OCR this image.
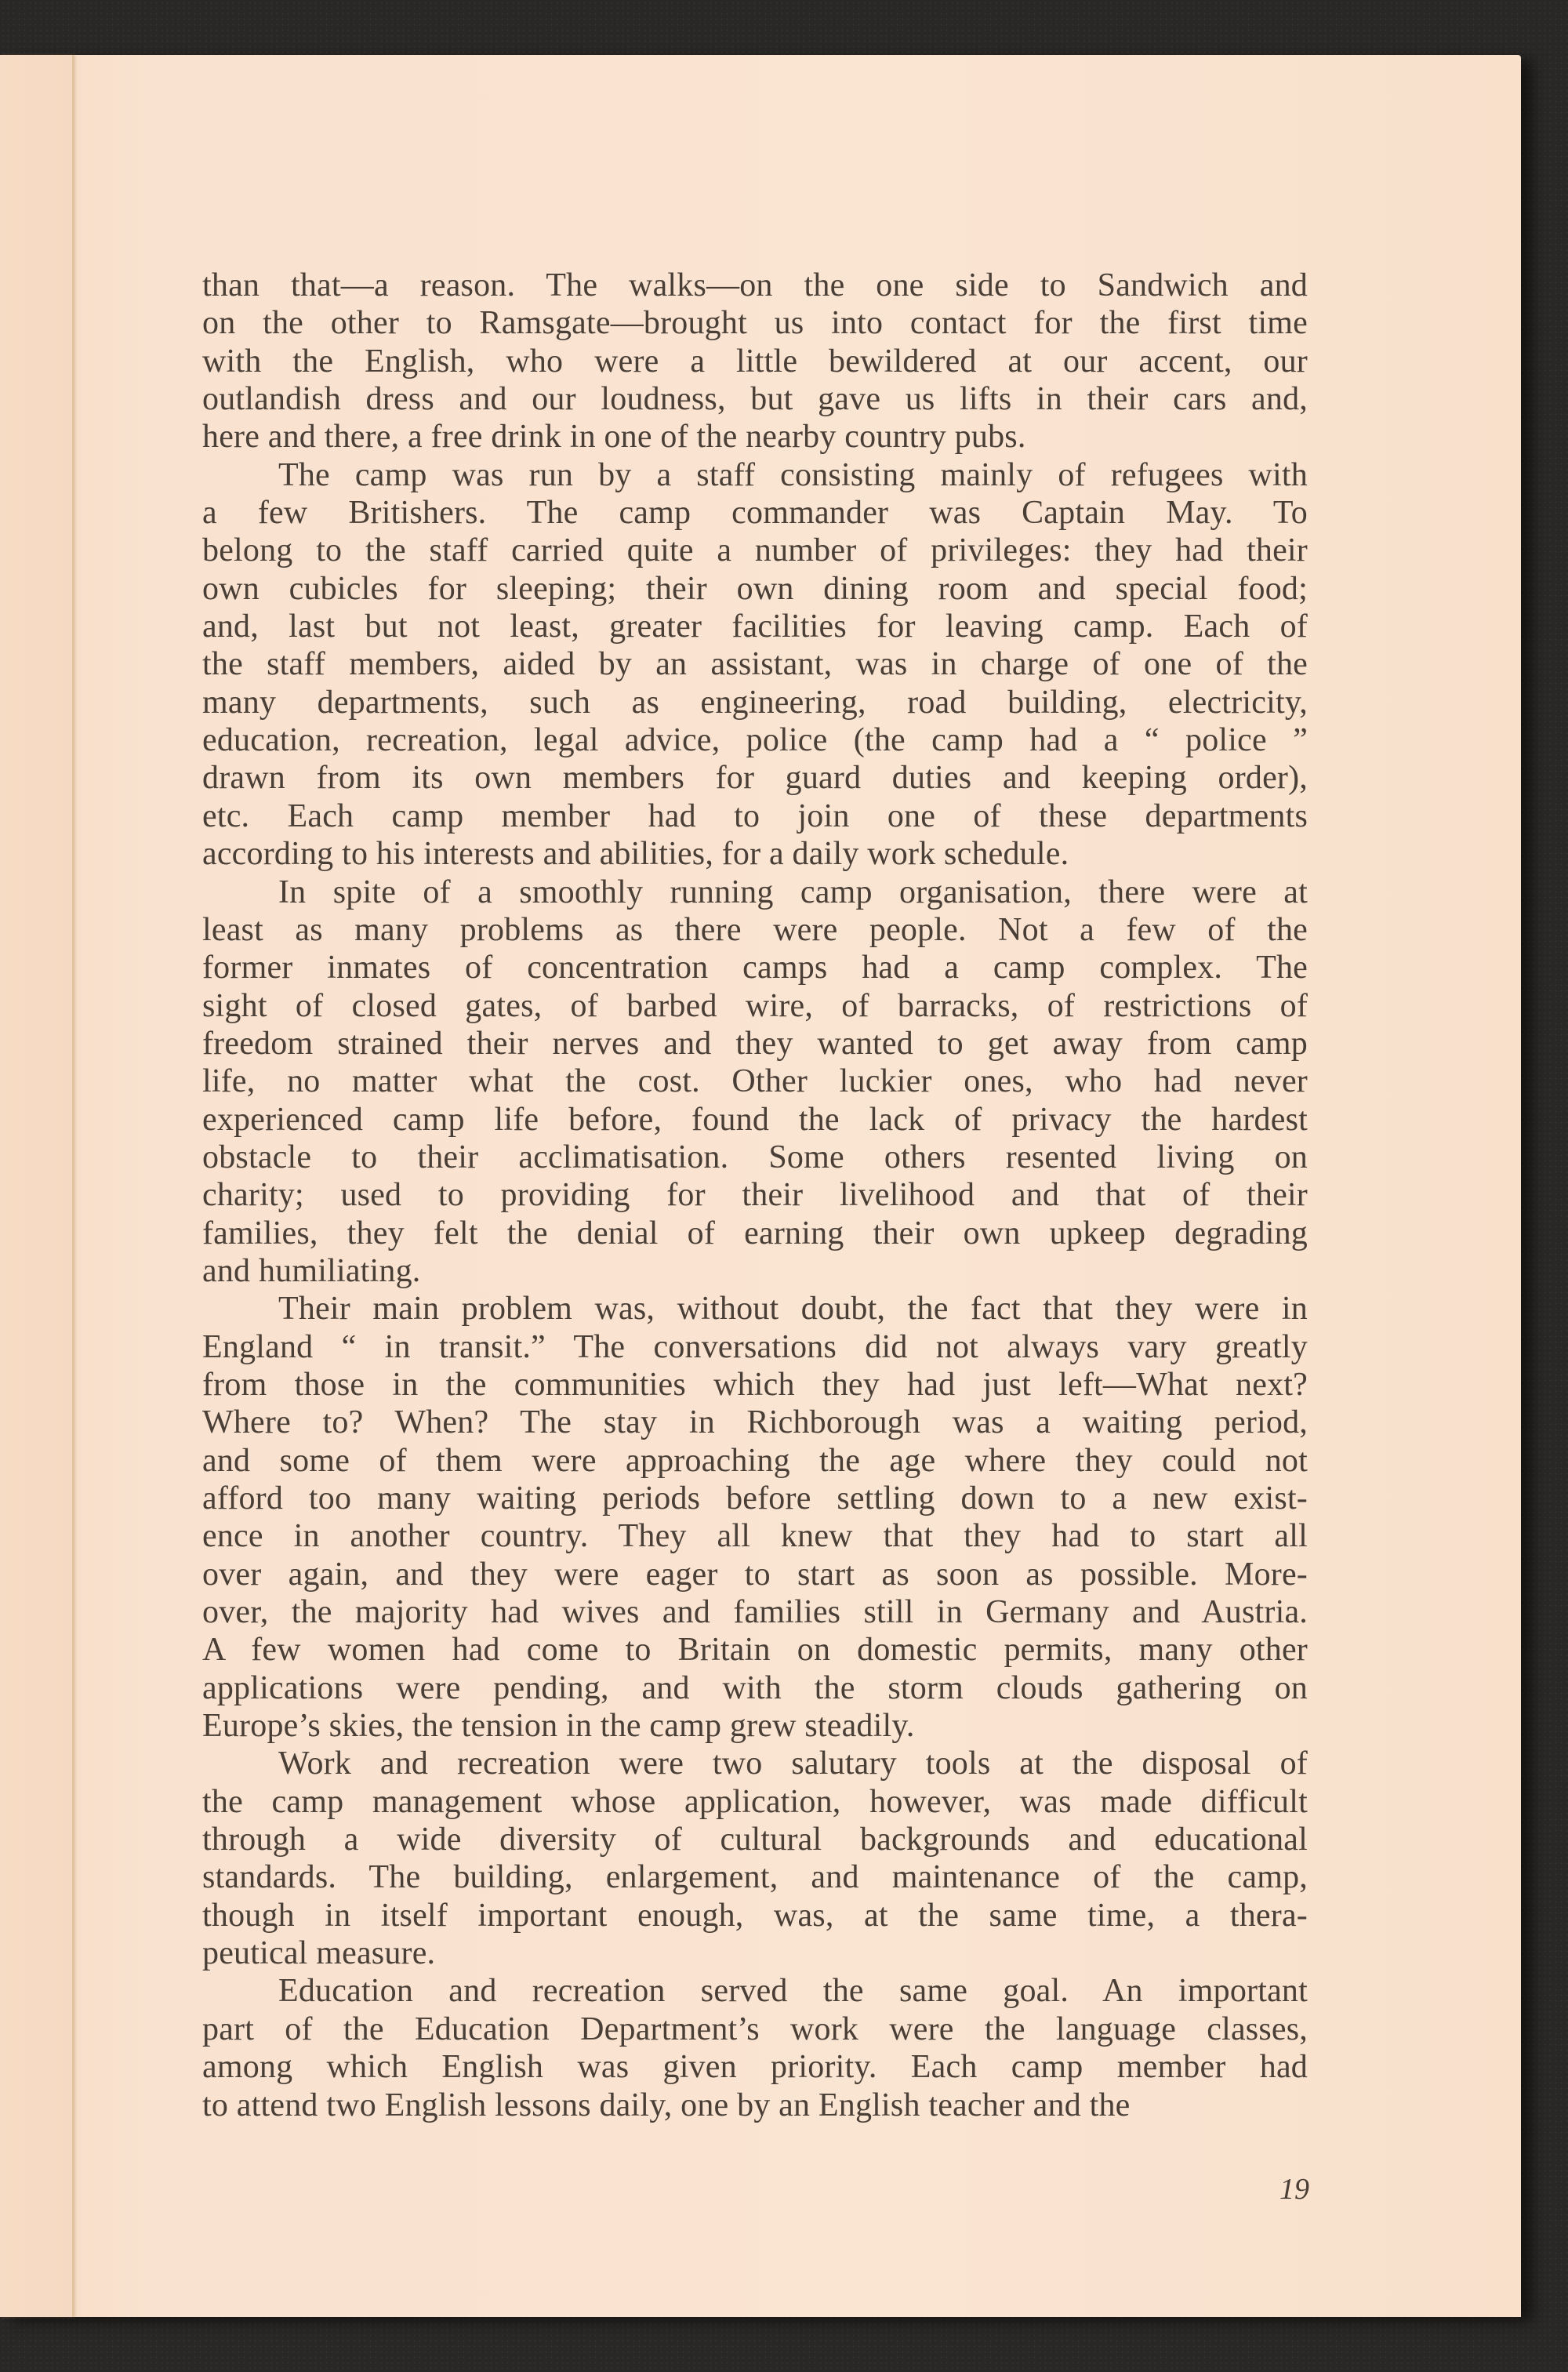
than that—a reason. The walks—on the one side to Sandwich and
on the other to Ramsgate—brought us into contact for the first time
with the English, who were a little bewildered at our accent, our
outlandish dress and our loudness, but gave us lifts in their cars and,
here and there, a free drink in one of the nearby country pubs.
The camp was run by a staff consisting mainly of refugees with
a few Britishers. The camp commander was Captain May. To
belong to the staff carried quite a number of privileges: they had their
own cubicles for sleeping; their own dining room and special food;
and, last but not least, greater facilities for leaving camp. Each of
the staff members, aided by an assistant, was in charge of one of the
many departments, such as engineering, road building, electricity,
education, recreation, legal advice, police (the camp had a “ police ”
drawn from its own members for guard duties and keeping order),
etc. Each camp member had to join one of these departments
according to his interests and abilities, for a daily work schedule.
In spite of a smoothly running camp organisation, there were at
least as many problems as there were people. Not a few of the
former inmates of concentration camps had a camp complex. The
sight of closed gates, of barbed wire, of barracks, of restrictions of
freedom strained their nerves and they wanted to get away from camp
life, no matter what the cost. Other luckier ones, who had never
experienced camp life before, found the lack of privacy the hardest
obstacle to their acclimatisation. Some others resented living on
charity; used to providing for their livelihood and that of their
families, they felt the denial of earning their own upkeep degrading
and humiliating.
Their main problem was, without doubt, the fact that they were in
England “ in transit.” The conversations did not always vary greatly
from those in the communities which they had just left—What next?
Where to? When? The stay in Richborough was a waiting period,
and some of them were approaching the age where they could not
afford too many waiting periods before settling down to a new exist-
ence in another country. They all knew that they had to start all
over again, and they were eager to start as soon as possible. More-
over, the majority had wives and families still in Germany and Austria.
A few women had come to Britain on domestic permits, many other
applications were pending, and with the storm clouds gathering on
Europe’s skies, the tension in the camp grew steadily.
Work and recreation were two salutary tools at the disposal of
the camp management whose application, however, was made difficult
through a wide diversity of cultural backgrounds and educational
standards. The building, enlargement, and maintenance of the camp,
though in itself important enough, was, at the same time, a thera-
peutical measure.
Education and recreation served the same goal. An important
part of the Education Department’s work were the language classes,
among which English was given priority. Each camp member had
to attend two English lessons daily, one by an English teacher and the
19
